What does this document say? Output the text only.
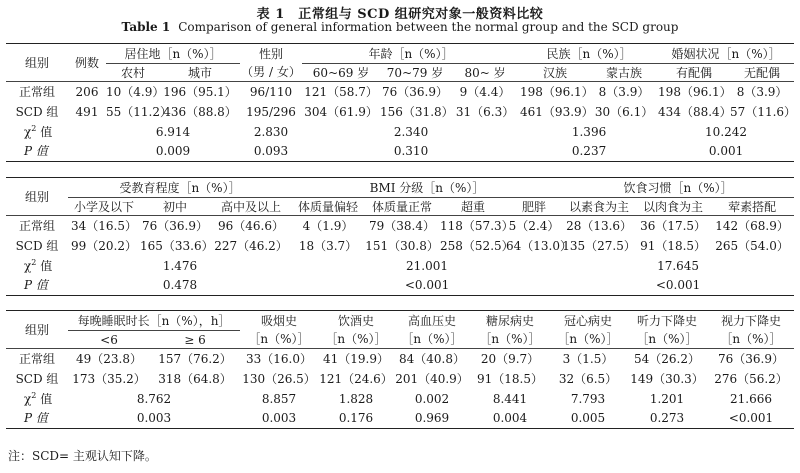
表 1　正常组与 SCD 组研究对象一般资料比较
Table 1 Comparison of general information between the normal group and the SCD group
组别	例数	居住地［n（%）］		性别	年龄［n（%）］			民族［n（%）］		婚姻状况［n（%）］	
		农村	城市	（男 / 女）	60~69 岁	70~79 岁	80~ 岁	汉族	蒙古族	有配偶	无配偶
正常组	206	10（4.9）	196（95.1）	96/110	121（58.7）	76（36.9）	9（4.4）	198（96.1）	8（3.9）	198（96.1）	8（3.9）
SCD 组	491	55（11.2）	436（88.8）	195/296	304（61.9）	156（31.8）	31（6.3）	461（93.9）	30（6.1）	434（88.4）	57（11.6）
$\chi^2$ 值		6.914		2.830	2.340			1.396		10.242	
P 值		0.009		0.093	0.310			0.237		0.001	
组别	受教育程度［n（%）］			BMI 分级［n（%）］				饮食习惯［n（%）］		
	小学及以下	初中	高中及以上	体质量偏轻	体质量正常	超重	肥胖	以素食为主	以肉食为主	荤素搭配
正常组	34（16.5）	76（36.9）	96（46.6）	4（1.9）	79（38.4）	118（57.3）	5（2.4）	28（13.6）	36（17.5）	142（68.9）
SCD 组	99（20.2）	165（33.6）	227（46.2）	18（3.7）	151（30.8）	258（52.5）	64（13.0）	135（27.5）	91（18.5）	265（54.0）
$\chi^2$ 值	1.476			21.001				17.645		
P 值	0.478			<0.001				<0.001		
组别	每晚睡眠时长［n（%），h］		吸烟史	饮酒史	高血压史	糖尿病史	冠心病史	听力下降史	视力下降史
	<6	≥ 6	［n（%）］	［n（%）］	［n（%）］	［n（%）］	［n（%）］	［n（%）］	［n（%）］
正常组	49（23.8）	157（76.2）	33（16.0）	41（19.9）	84（40.8）	20（9.7）	3（1.5）	54（26.2）	76（36.9）
SCD 组	173（35.2）	318（64.8）	130（26.5）	121（24.6）	201（40.9）	91（18.5）	32（6.5）	149（30.3）	276（56.2）
$\chi^2$ 值	8.762		8.857	1.828	0.002	8.441	7.793	1.201	21.666
P 值	0.003		0.003	0.176	0.969	0.004	0.005	0.273	<0.001
注：SCD= 主观认知下降。
